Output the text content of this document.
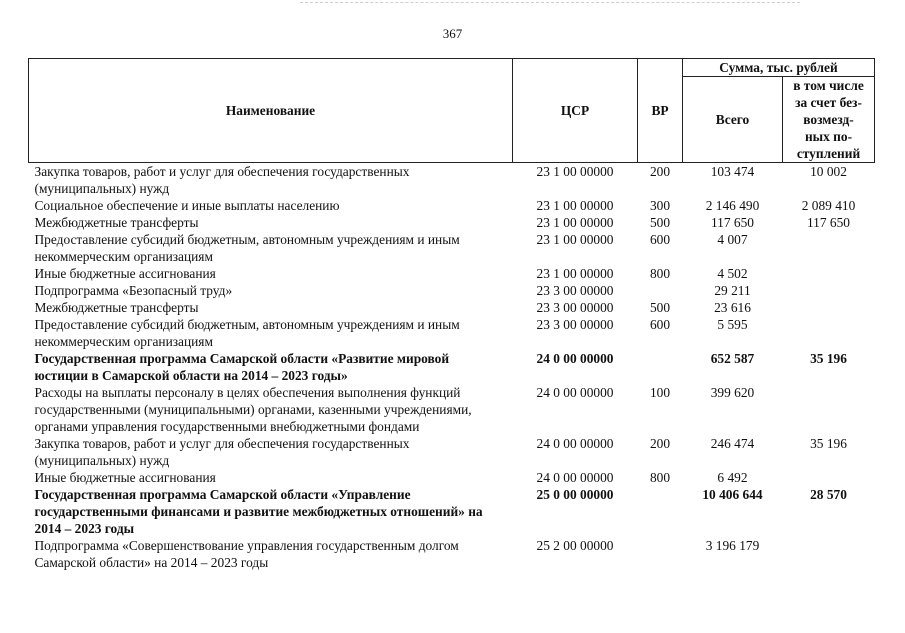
367
Наименование	ЦСР	ВР	Сумма, тыс. рублей	
			Всего	в том числе
за счет без-
возмезд-
ных по-
ступлений
Закупка товаров, работ и услуг для обеспечения государственных (муниципальных) нужд	23 1 00 00000	200	103 474	10 002
Социальное обеспечение и иные выплаты населению	23 1 00 00000	300	2 146 490	2 089 410
Межбюджетные трансферты	23 1 00 00000	500	117 650	117 650
Предоставление субсидий бюджетным, автономным учреждениям и иным некоммерческим организациям	23 1 00 00000	600	4 007	
Иные бюджетные ассигнования	23 1 00 00000	800	4 502	
Подпрограмма «Безопасный труд»	23 3 00 00000		29 211	
Межбюджетные трансферты	23 3 00 00000	500	23 616	
Предоставление субсидий бюджетным, автономным учреждениям и иным некоммерческим организациям	23 3 00 00000	600	5 595	
Государственная программа Самарской области «Развитие мировой юстиции в Самарской области на 2014 – 2023 годы»	24 0 00 00000		652 587	35 196
Расходы на выплаты персоналу в целях обеспечения выполнения функций государственными (муниципальными) органами, казенными учреждениями, органами управления государственными внебюджетными фондами	24 0 00 00000	100	399 620	
Закупка товаров, работ и услуг для обеспечения государственных (муниципальных) нужд	24 0 00 00000	200	246 474	35 196
Иные бюджетные ассигнования	24 0 00 00000	800	6 492	
Государственная программа Самарской области «Управление государственными финансами и развитие межбюджетных отношений» на 2014 – 2023 годы	25 0 00 00000		10 406 644	28 570
Подпрограмма «Совершенствование управления государственным долгом Самарской области» на 2014 – 2023 годы	25 2 00 00000		3 196 179	
